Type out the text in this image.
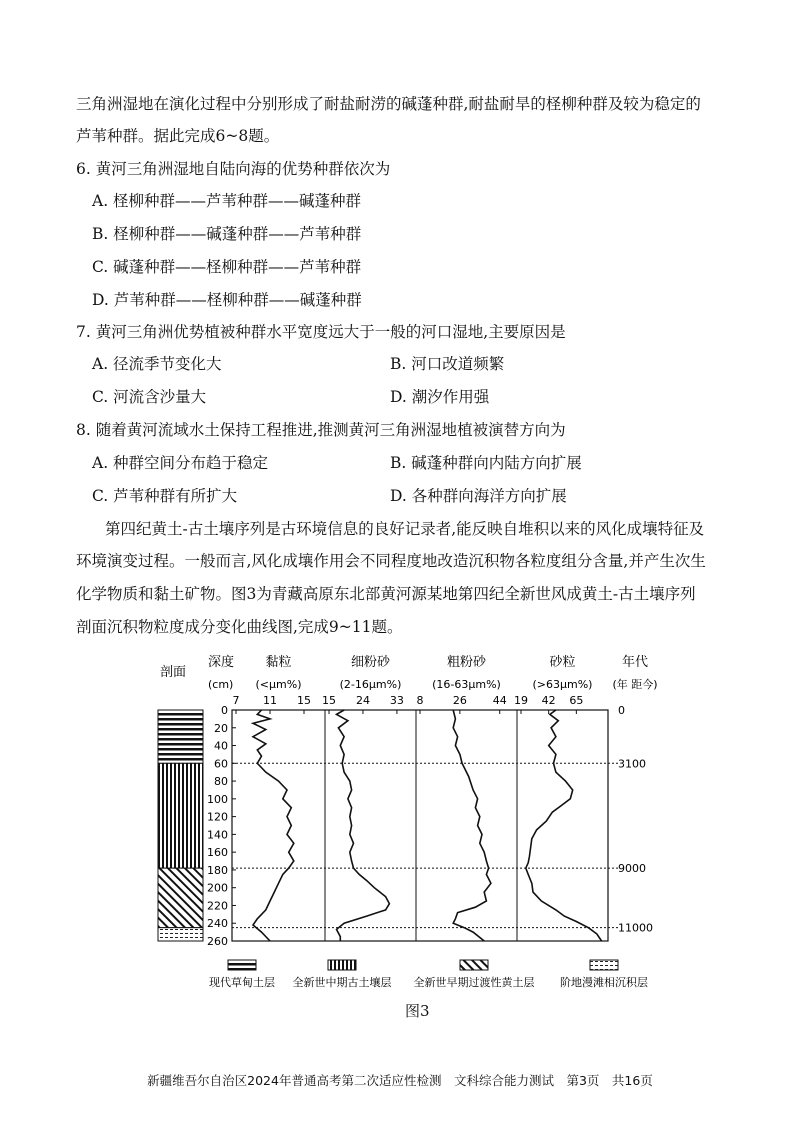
三角洲湿地在演化过程中分别形成了耐盐耐涝的碱蓬种群,耐盐耐旱的柽柳种群及较为稳定的
芦苇种群。据此完成6~8题。
6. 黄河三角洲湿地自陆向海的优势种群依次为
A. 柽柳种群——芦苇种群——碱蓬种群
B. 柽柳种群——碱蓬种群——芦苇种群
C. 碱蓬种群——柽柳种群——芦苇种群
D. 芦苇种群——柽柳种群——碱蓬种群
7. 黄河三角洲优势植被种群水平宽度远大于一般的河口湿地,主要原因是
A. 径流季节变化大	B. 河口改道频繁
C. 河流含沙量大	D. 潮汐作用强
8. 随着黄河流域水土保持工程推进,推测黄河三角洲湿地植被演替方向为
A. 种群空间分布趋于稳定	B. 碱蓬种群向内陆方向扩展
C. 芦苇种群有所扩大	D. 各种群向海洋方向扩展
第四纪黄土-古土壤序列是古环境信息的良好记录者,能反映自堆积以来的风化成壤特征及
环境演变过程。一般而言,风化成壤作用会不同程度地改造沉积物各粒度组分含量,并产生次生
化学物质和黏土矿物。图3为青藏高原东北部黄河源某地第四纪全新世风成黄土-古土壤序列
剖面沉积物粒度成分变化曲线图,完成9~11题。
剖面
深度
(cm)
0
20
40
60
80
100
120
140
160
180
200
220
240
260
黏粒
(<μm%)
7 11 15
细粉砂
(2-16μm%)
15 24 33
粗粉砂
(16-63μm%)
8	26 44
砂粒
(>63μm%)
19 42 65
年代
(年 距今)
0
3100
9000
11000
现代草甸土层 全新世中期古土壤层 全新世早期过渡性黄土层 阶地漫滩相沉积层
图3
新疆维吾尔自治区2024年普通高考第二次适应性检测　文科综合能力测试　第3页　共16页
